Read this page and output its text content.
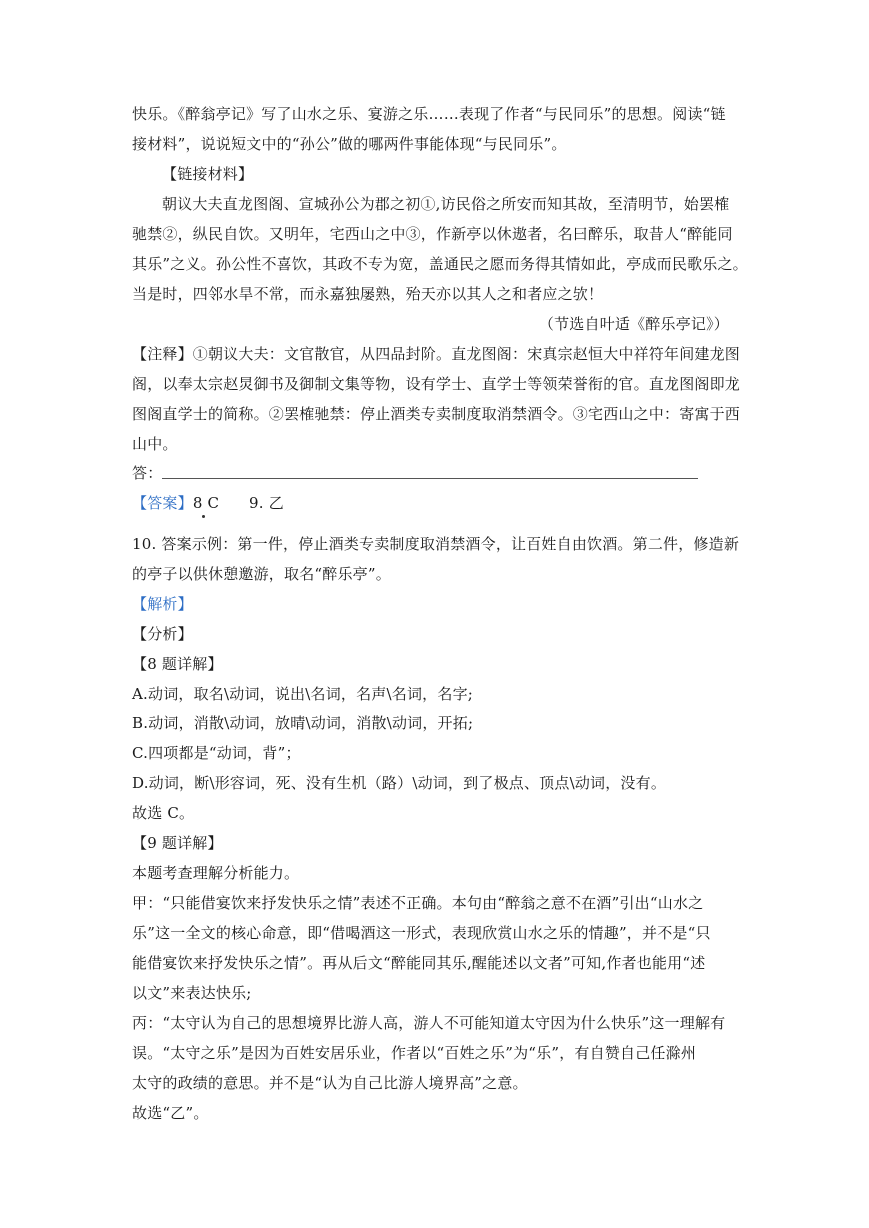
快乐。《醉翁亭记》写了山水之乐、宴游之乐……表现了作者“与民同乐”的思想。阅读“链
接材料”，说说短文中的“孙公”做的哪两件事能体现“与民同乐”。
【链接材料】
朝议大夫直龙图阁、宣城孙公为郡之初①,访民俗之所安而知其故，至清明节，始罢榷
驰禁②，纵民自饮。又明年，宅西山之中③，作新亭以休遨者，名曰醉乐，取昔人“醉能同
其乐”之义。孙公性不喜饮，其政不专为宽，盖通民之愿而务得其情如此，亭成而民歌乐之。
当是时，四邻水旱不常，而永嘉独屡熟，殆天亦以其人之和者应之欤！
（节选自叶适《醉乐亭记》）
【注释】①朝议大夫：文官散官，从四品封阶。直龙图阁：宋真宗赵恒大中祥符年间建龙图
阁，以奉太宗赵炅御书及御制文集等物，设有学士、直学士等领荣誉衔的官。直龙图阁即龙
图阁直学士的简称。②罢榷驰禁：停止酒类专卖制度取消禁酒令。③宅西山之中：寄寓于西
山中。
答：
【答案】8 C      9. 乙
10. 答案示例：第一件，停止酒类专卖制度取消禁酒令，让百姓自由饮酒。第二件，修造新
的亭子以供休憩邀游，取名“醉乐亭”。
【解析】
【分析】
【8 题详解】
A.动词，取名\动词，说出\名词，名声\名词，名字;
B.动词，消散\动词，放晴\动词，消散\动词，开拓;
C.四项都是“动词，背”；
D.动词，断\形容词，死、没有生机（路）\动词，到了极点、顶点\动词，没有。
故选 C。
【9 题详解】
本题考查理解分析能力。
甲：“只能借宴饮来抒发快乐之情”表述不正确。本句由“醉翁之意不在酒”引出“山水之
乐”这一全文的核心命意，即“借喝酒这一形式，表现欣赏山水之乐的情趣”，并不是“只
能借宴饮来抒发快乐之情”。再从后文“醉能同其乐,醒能述以文者”可知,作者也能用“述
以文”来表达快乐;
丙：“太守认为自己的思想境界比游人高，游人不可能知道太守因为什么快乐”这一理解有
误。“太守之乐”是因为百姓安居乐业，作者以“百姓之乐”为“乐”，有自赞自己任滁州
太守的政绩的意思。并不是“认为自己比游人境界高”之意。
故选“乙”。
